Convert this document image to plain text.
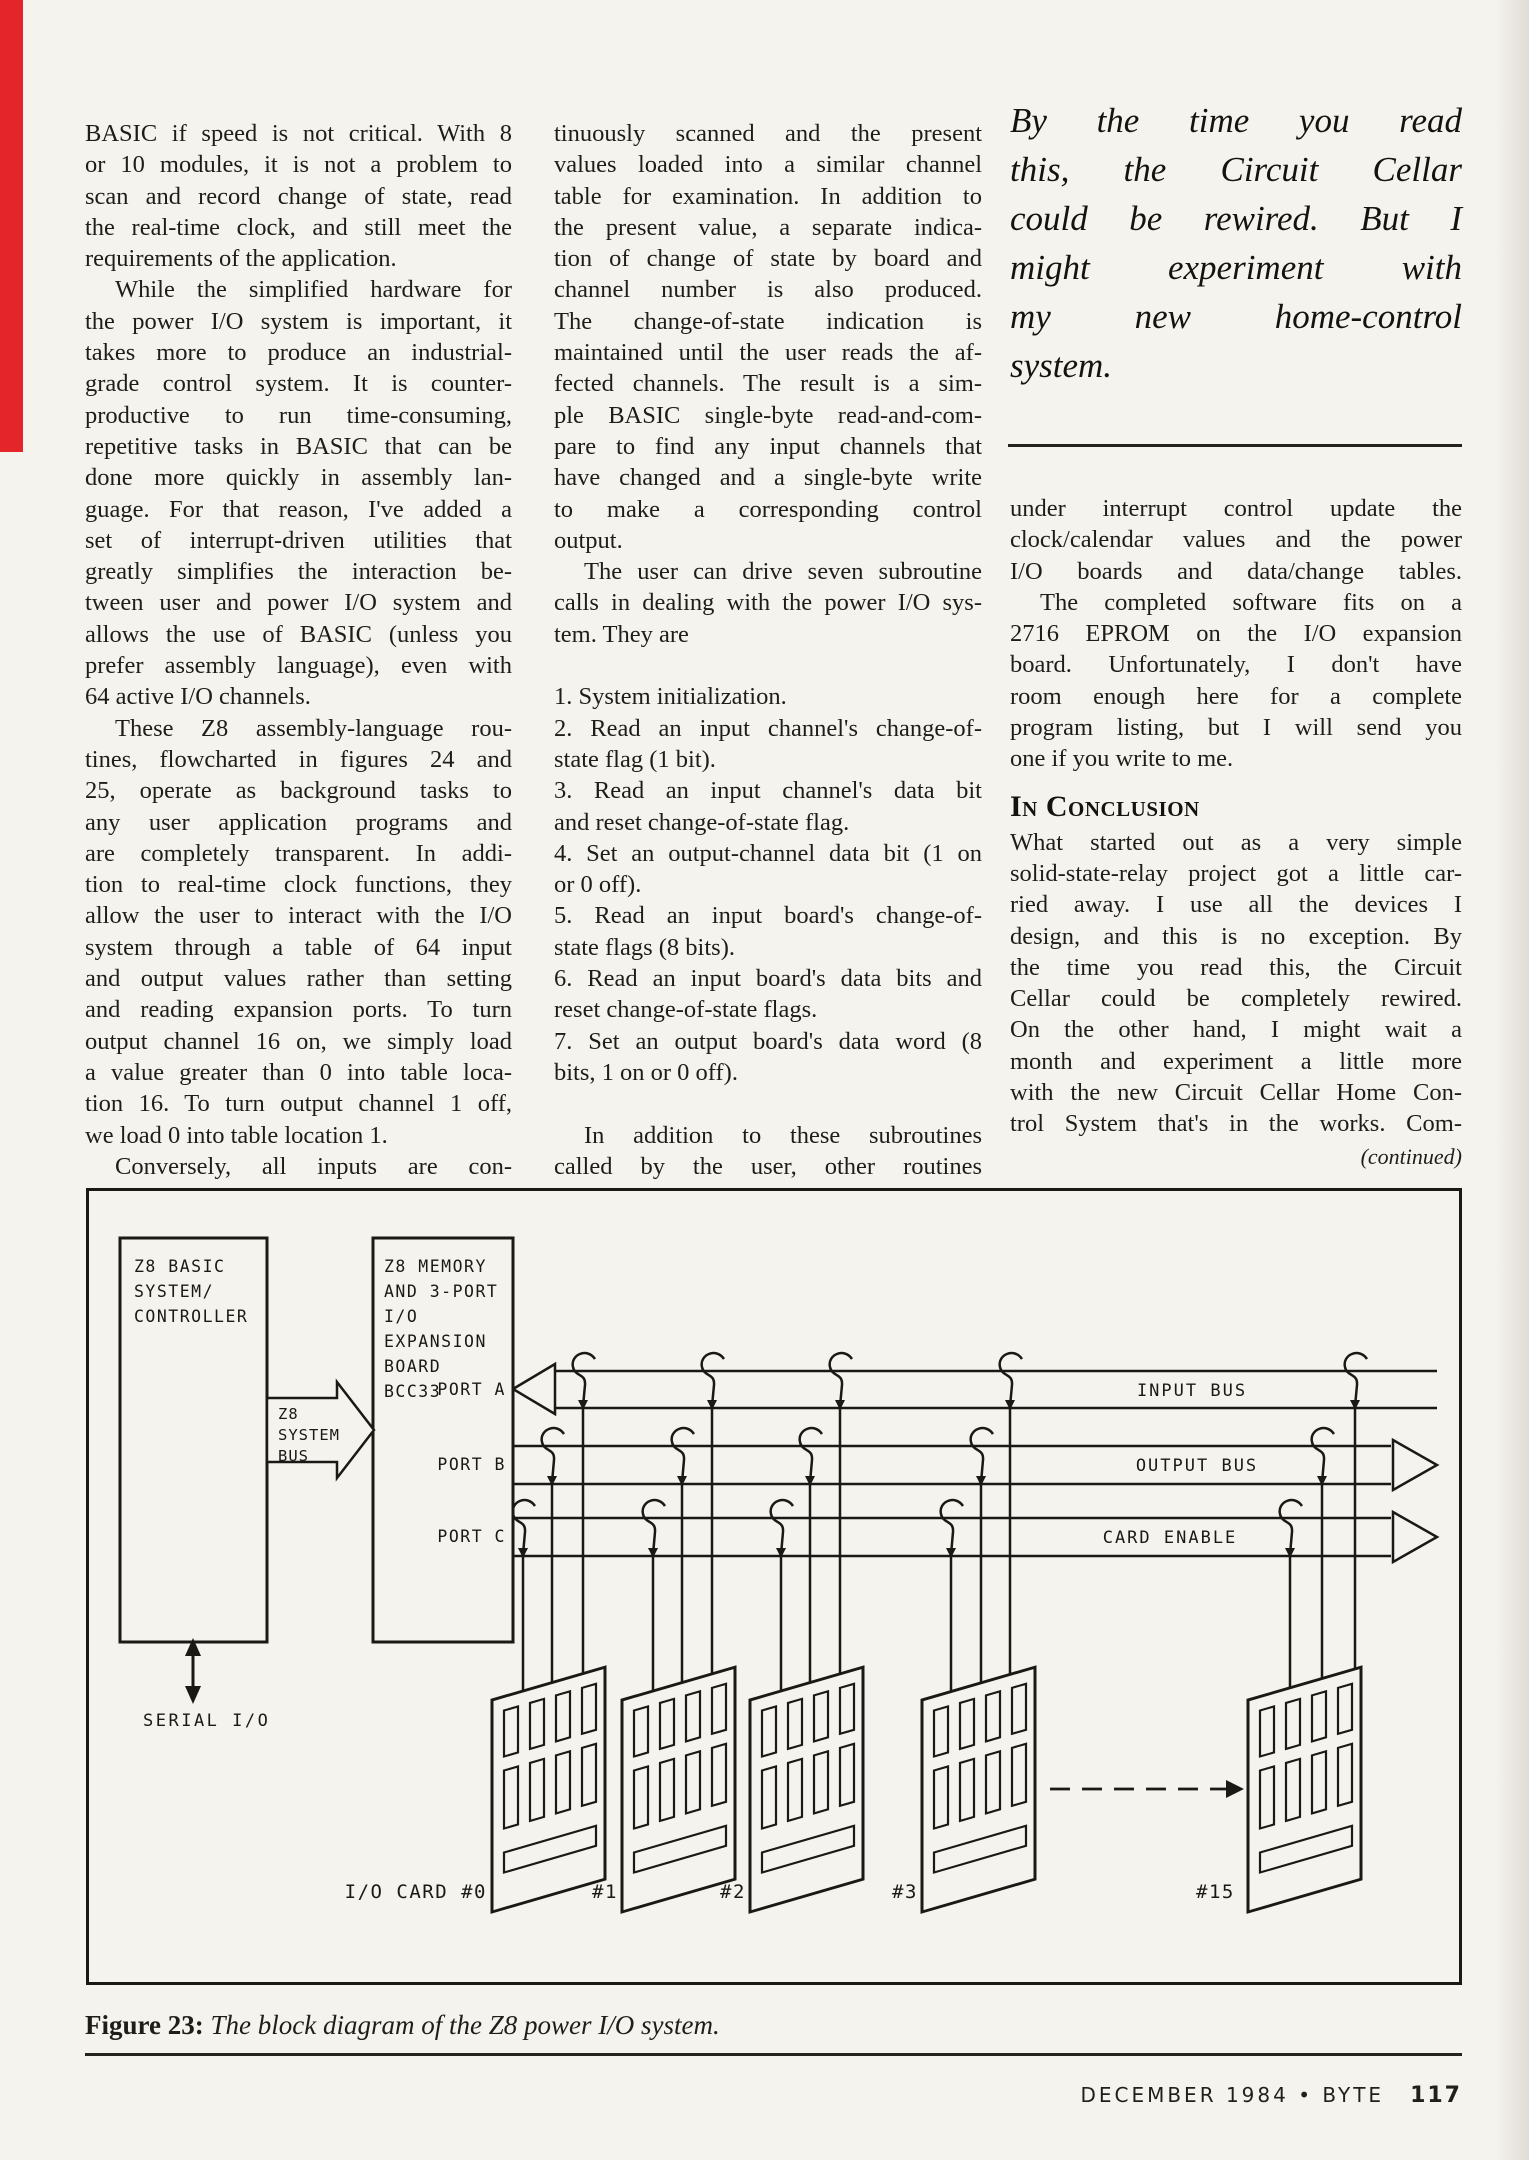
BASIC if speed is not critical. With 8
or 10 modules, it is not a problem to
scan and record change of state, read
the real-time clock, and still meet the
requirements of the application.
While the simplified hardware for
the power I/O system is important, it
takes more to produce an industrial-
grade control system. It is counter-
productive to run time-consuming,
repetitive tasks in BASIC that can be
done more quickly in assembly lan-
guage. For that reason, I've added a
set of interrupt-driven utilities that
greatly simplifies the interaction be-
tween user and power I/O system and
allows the use of BASIC (unless you
prefer assembly language), even with
64 active I/O channels.
These Z8 assembly-language rou-
tines, flowcharted in figures 24 and
25, operate as background tasks to
any user application programs and
are completely transparent. In addi-
tion to real-time clock functions, they
allow the user to interact with the I/O
system through a table of 64 input
and output values rather than setting
and reading expansion ports. To turn
output channel 16 on, we simply load
a value greater than 0 into table loca-
tion 16. To turn output channel 1 off,
we load 0 into table location 1.
Conversely, all inputs are con-
tinuously scanned and the present
values loaded into a similar channel
table for examination. In addition to
the present value, a separate indica-
tion of change of state by board and
channel number is also produced.
The change-of-state indication is
maintained until the user reads the af-
fected channels. The result is a sim-
ple BASIC single-byte read-and-com-
pare to find any input channels that
have changed and a single-byte write
to make a corresponding control
output.
The user can drive seven subroutine
calls in dealing with the power I/O sys-
tem. They are
1. System initialization.
2. Read an input channel's change-of-
state flag (1 bit).
3. Read an input channel's data bit
and reset change-of-state flag.
4. Set an output-channel data bit (1 on
or 0 off).
5. Read an input board's change-of-
state flags (8 bits).
6. Read an input board's data bits and
reset change-of-state flags.
7. Set an output board's data word (8
bits, 1 on or 0 off).
In addition to these subroutines
called by the user, other routines
By the time you read
this, the Circuit Cellar
could be rewired. But I
might experiment with
my new home-control
system.
under interrupt control update the
clock/calendar values and the power
I/O boards and data/change tables.
The completed software fits on a
2716 EPROM on the I/O expansion
board. Unfortunately, I don't have
room enough here for a complete
program listing, but I will send you
one if you write to me.
In Conclusion
What started out as a very simple
solid-state-relay project got a little car-
ried away. I use all the devices I
design, and this is no exception. By
the time you read this, the Circuit
Cellar could be completely rewired.
On the other hand, I might wait a
month and experiment a little more
with the new Circuit Cellar Home Con-
trol System that's in the works. Com-
(continued)
INPUT BUS
OUTPUT BUS
CARD ENABLE
Z8 BASIC
SYSTEM/
CONTROLLER
Z8 MEMORY
AND 3-PORT
I/O
EXPANSION
BOARD
BCC33
PORT A
PORT B
PORT C
Z8
SYSTEM
BUS
SERIAL I/O
I/O CARD #0	#1	#2	#3	#15
Figure 23: The block diagram of the Z8 power I/O system.
DECEMBER 1984 • BYTE 117
